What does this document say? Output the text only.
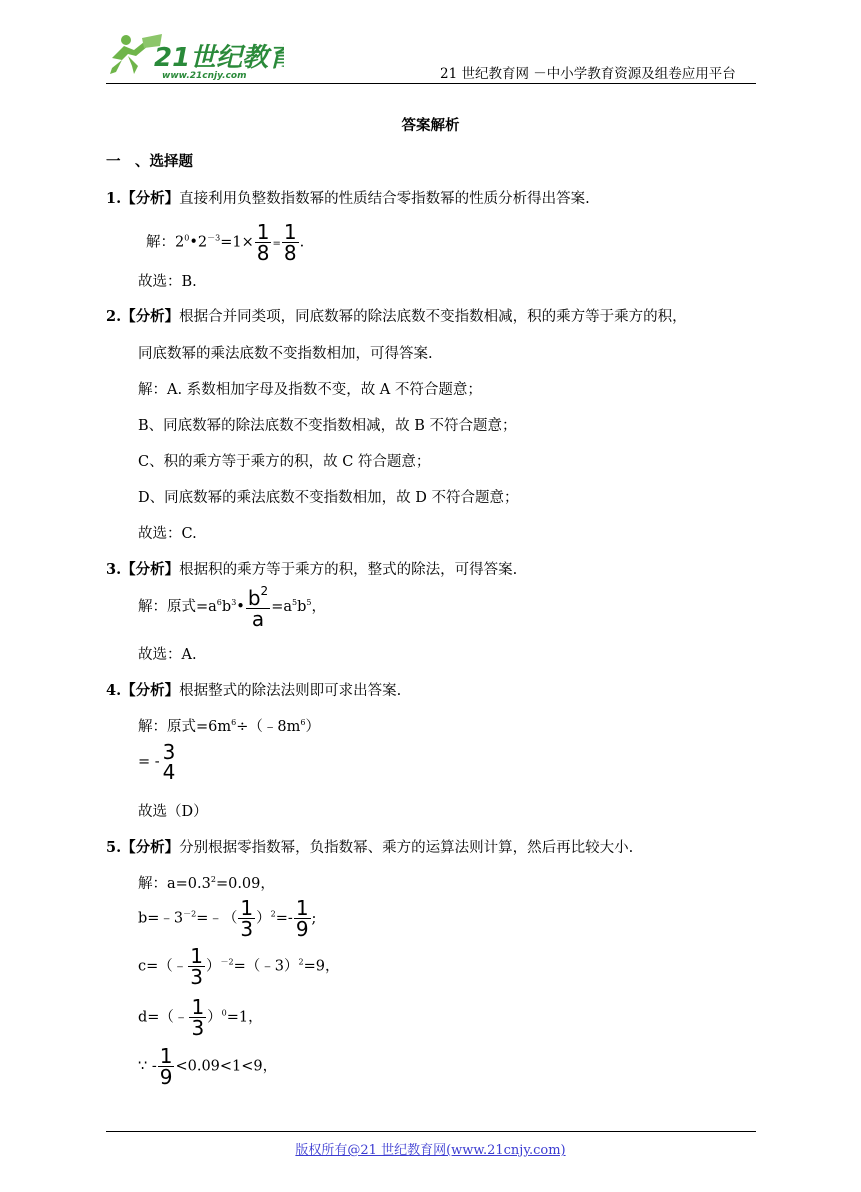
21世纪教育
www.21cnjy.com	21 世纪教育网 －中小学教育资源及组卷应用平台
答案解析
一　、选择题
1.【分析】直接利用负整数指数幂的性质结合零指数幂的性质分析得出答案.
解：$2^0•2^{-3}=1\times \frac{1}{8} = \frac{1}{8}$ .
故选：B.
2.【分析】根据合并同类项，同底数幂的除法底数不变指数相减，积的乘方等于乘方的积，
同底数幂的乘法底数不变指数相加，可得答案.
解：A. 系数相加字母及指数不变，故 A 不符合题意；
B、同底数幂的除法底数不变指数相减，故 B 不符合题意；
C、积的乘方等于乘方的积，故 C 符合题意；
D、同底数幂的乘法底数不变指数相加，故 D 不符合题意；
故选：C.
3.【分析】根据积的乘方等于乘方的积，整式的除法，可得答案.
解：原式$=a^6b^3• \frac{b^2}{a} =a^5b^5$，
故选：A.
4.【分析】根据整式的除法法则即可求出答案.
解：原式$=6m^6\div(﹣8m^6)$
= - 3
4
故选（D）
5.【分析】分别根据零指数幂，负指数幂、乘方的运算法则计算，然后再比较大小.
解：$a=0.3^2=0.09$，
$b=﹣3^{-2}=﹣( \frac{1}{3} )^2=- \frac{1}{9}$ ;
c=（﹣ $\frac{1}{3}$ ）$^{-2}$=（﹣3）$^2$=9，
d=（﹣ $\frac{1}{3} )^0=1$，
∵ - $\frac{1}{9} <0.09<1<9$，
版权所有@21 世纪教育网(www.21cnjy.com)
